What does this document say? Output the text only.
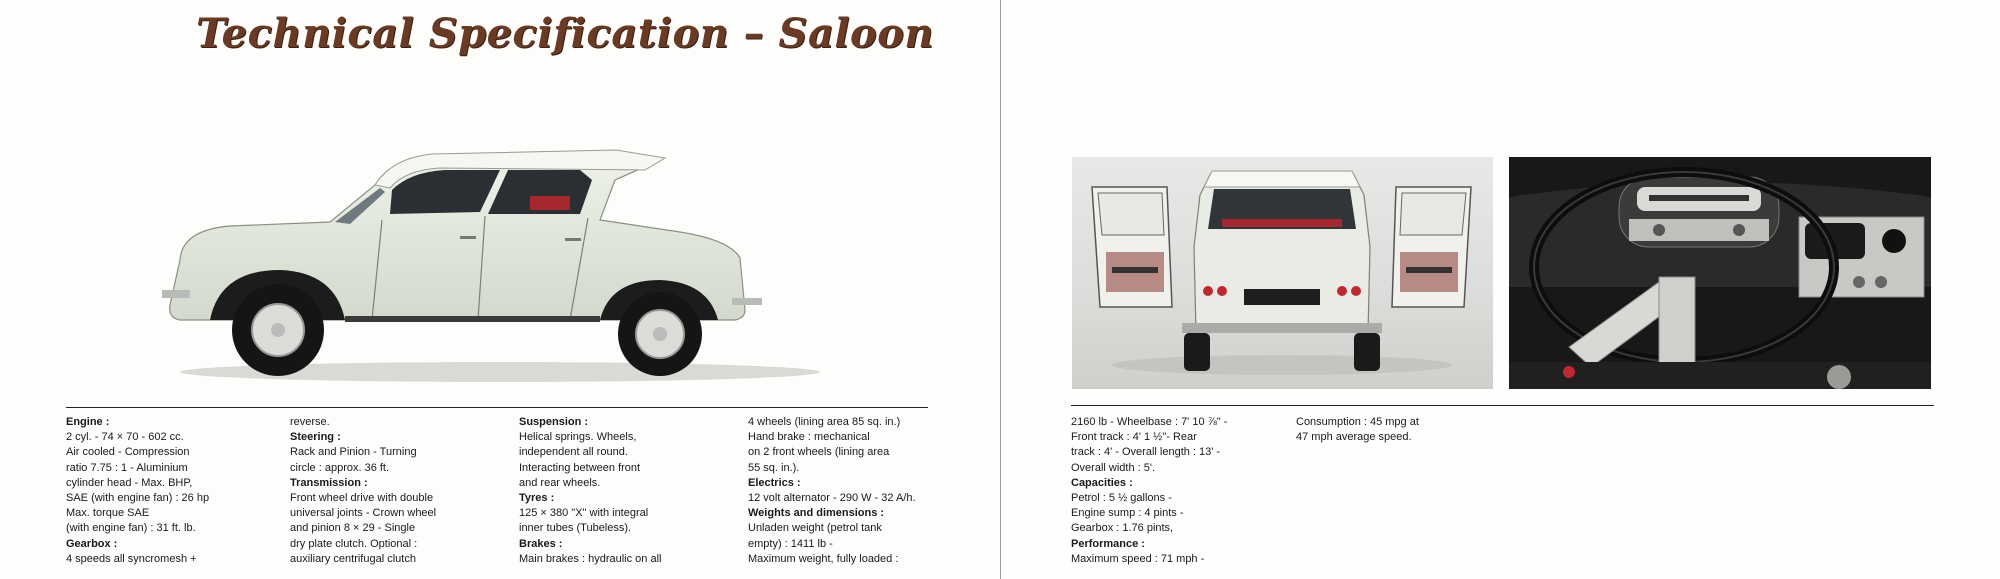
Technical Specification – Saloon
Engine :
2 cyl. - 74 × 70 - 602 cc.
Air cooled - Compression
ratio 7.75 : 1 - Aluminium
cylinder head - Max. BHP,
SAE (with engine fan) : 26 hp
Max. torque SAE
(with engine fan) : 31 ft. lb.
Gearbox :
4 speeds all syncromesh +
reverse.
Steering :
Rack and Pinion - Turning
circle : approx. 36 ft.
Transmission :
Front wheel drive with double
universal joints - Crown wheel
and pinion 8 × 29 - Single
dry plate clutch. Optional :
auxiliary centrifugal clutch
Suspension :
Helical springs. Wheels,
independent all round.
Interacting between front
and rear wheels.
Tyres :
125 × 380 "X" with integral
inner tubes (Tubeless).
Brakes :
Main brakes : hydraulic on all
4 wheels (lining area 85 sq. in.)
Hand brake : mechanical
on 2 front wheels (lining area
55 sq. in.).
Electrics :
12 volt alternator - 290 W - 32 A/h.
Weights and dimensions :
Unladen weight (petrol tank
empty) : 1411 lb -
Maximum weight, fully loaded :
2160 lb - Wheelbase : 7' 10 ⅞" -
Front track : 4' 1 ½"- Rear
track : 4' - Overall length : 13' -
Overall width : 5'.
Capacities :
Petrol : 5 ½ gallons -
Engine sump : 4 pints -
Gearbox : 1.76 pints,
Performance :
Maximum speed : 71 mph -
Consumption : 45 mpg at
47 mph average speed.
